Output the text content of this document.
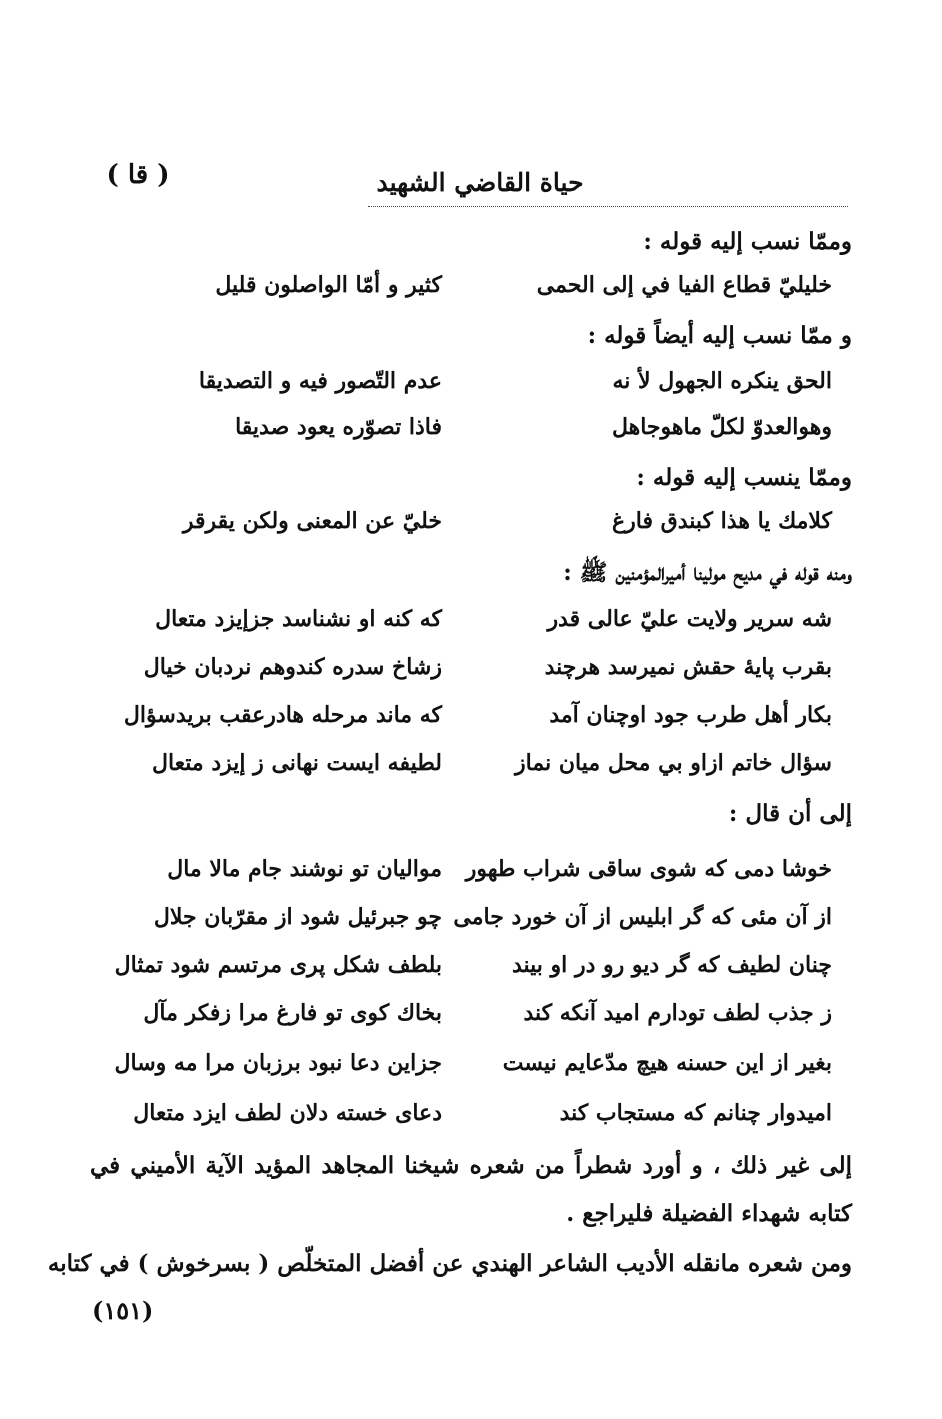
حياة القاضي الشهيد
( قا )
وممّا نسب إليه قوله :
خليليّ قطاع الفيا في إلى الحمى
كثير و أمّا الواصلون قليل
و ممّا نسب إليه أيضاً قوله :
الحق ينكره الجهول لأ نه
عدم التّصور فيه و التصديقا
وهوالعدوّ لكلّ ماهوجاهل
فاذا تصوّره يعود صديقا
وممّا ينسب إليه قوله :
كلامك يا هذا كبندق فارغ
خليّ عن المعنى ولكن يقرقر
ومنه قوله في مديح مولينا أميرالمؤمنين ﷺ :
شه سرير ولايت عليّ عالى قدر
كه كنه او نشناسد جزإيزد متعال
بقرب پايهٔ حقش نميرسد هرچند
زشاخ سدره كندوهم نردبان خيال
بكار أهل طرب جود اوچنان آمد
كه ماند مرحله هادرعقب بريدسؤال
سؤال خاتم ازاو بي محل ميان نماز
لطيفه ايست نهانى ز إيزد متعال
إلى أن قال :
خوشا دمى كه شوى ساقى شراب طهور
مواليان تو نوشند جام مالا مال
از آن مئى كه گر ابليس از آن خورد جامى
چو جبرئيل شود از مقرّبان جلال
چنان لطيف كه گر ديو رو در او بيند
بلطف شكل پرى مرتسم شود تمثال
ز جذب لطف تودارم اميد آنكه كند
بخاك كوى تو فارغ مرا زفكر مآل
بغير از اين حسنه هيچ مدّعايم نيست
جزاين دعا نبود برزبان مرا مه وسال
اميدوار چنانم كه مستجاب كند
دعاى خسته دلان لطف ايزد متعال
إلى غير ذلك ، و أورد شطراً من شعره شيخنا المجاهد المؤيد الآية الأميني في
كتابه شهداء الفضيلة فليراجع .
ومن شعره مانقله الأديب الشاعر الهندي عن أفضل المتخلّص ( بسرخوش ) في كتابه
(١٥١)
